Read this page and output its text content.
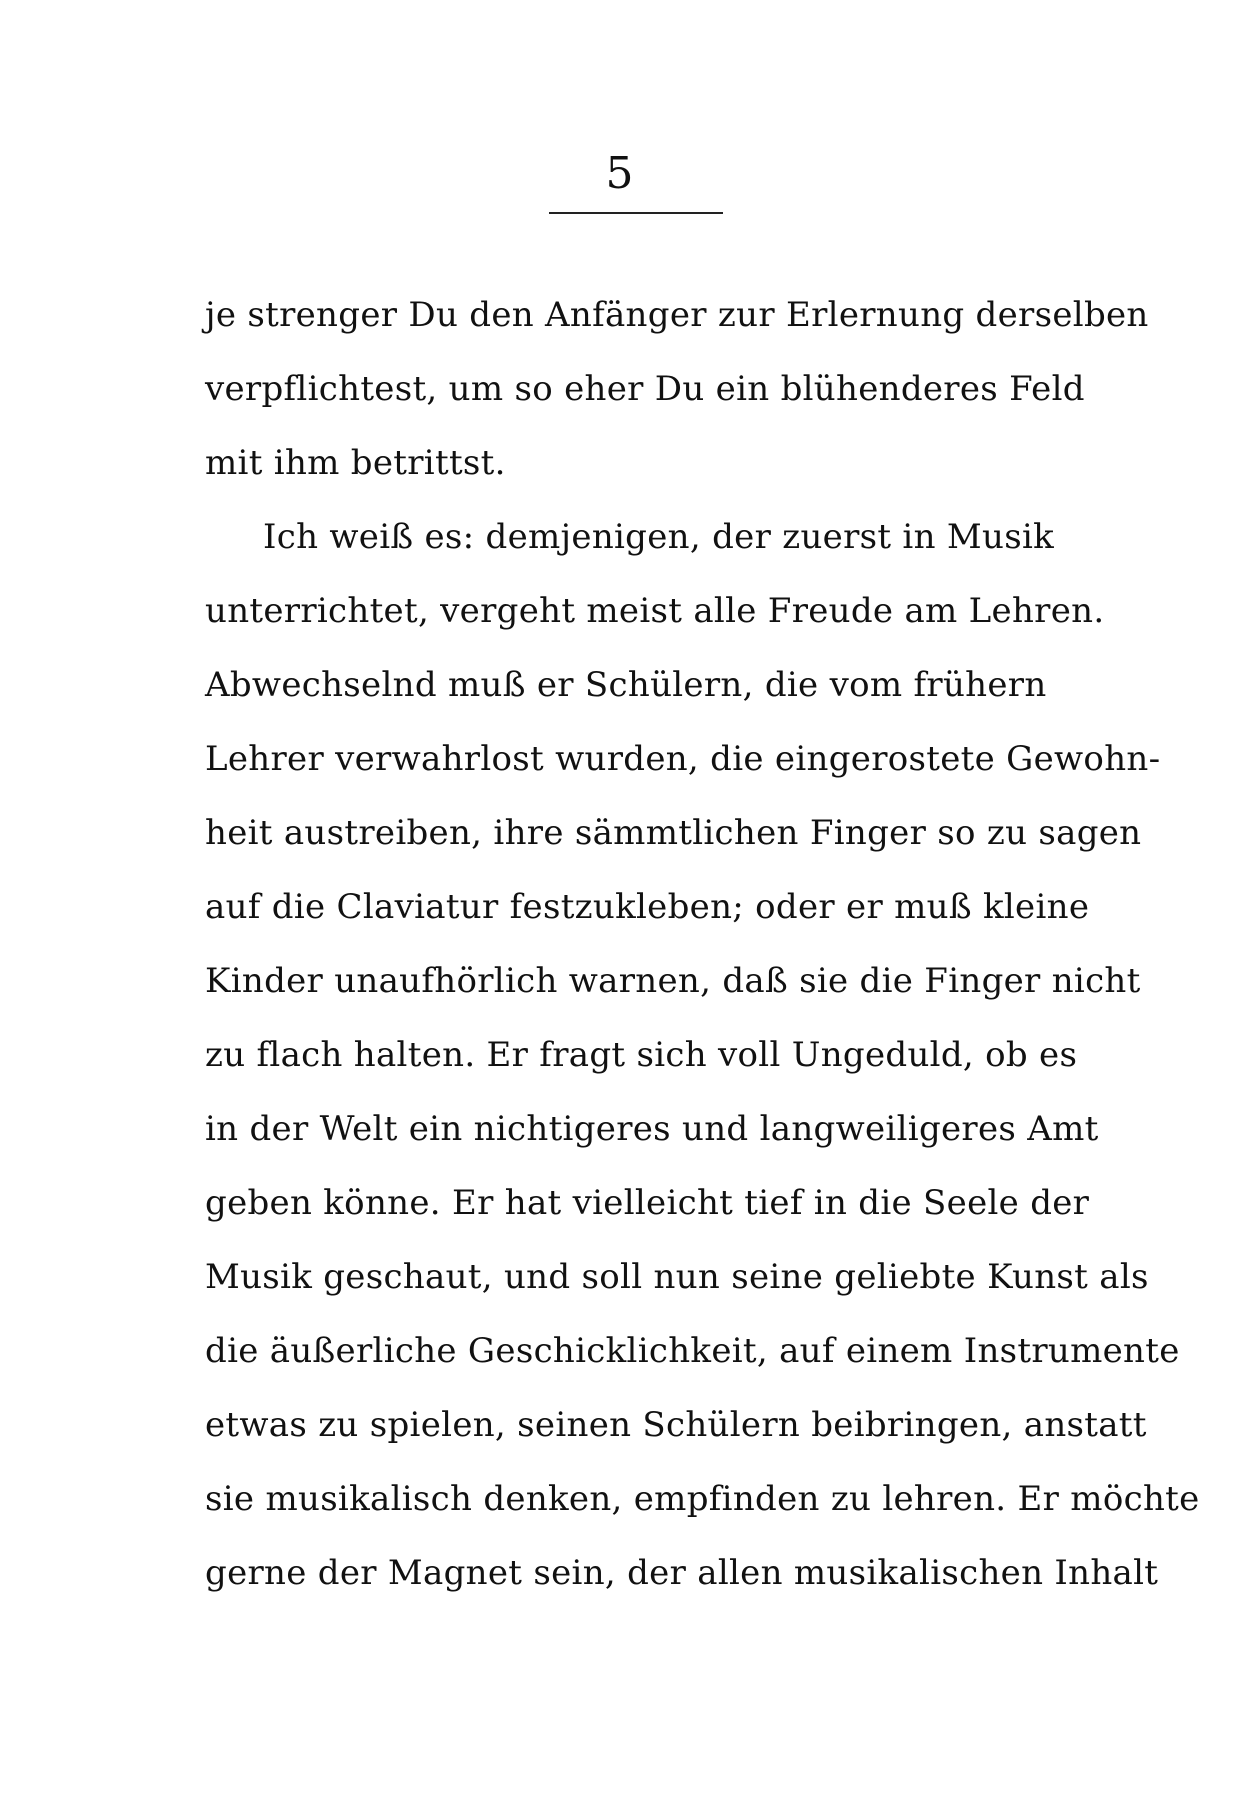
5
je strenger Du den Anfänger zur Erlernung derselben
verpflichtest, um so eher Du ein blühenderes Feld
mit ihm betrittst.
Ich weiß es: demjenigen, der zuerst in Musik
unterrichtet, vergeht meist alle Freude am Lehren.
Abwechselnd muß er Schülern, die vom frühern
Lehrer verwahrlost wurden, die eingerostete Gewohn-
heit austreiben, ihre sämmtlichen Finger so zu sagen
auf die Claviatur festzukleben; oder er muß kleine
Kinder unaufhörlich warnen, daß sie die Finger nicht
zu flach halten. Er fragt sich voll Ungeduld, ob es
in der Welt ein nichtigeres und langweiligeres Amt
geben könne. Er hat vielleicht tief in die Seele der
Musik geschaut, und soll nun seine geliebte Kunst als
die äußerliche Geschicklichkeit, auf einem Instrumente
etwas zu spielen, seinen Schülern beibringen, anstatt
sie musikalisch denken, empfinden zu lehren. Er möchte
gerne der Magnet sein, der allen musikalischen Inhalt
